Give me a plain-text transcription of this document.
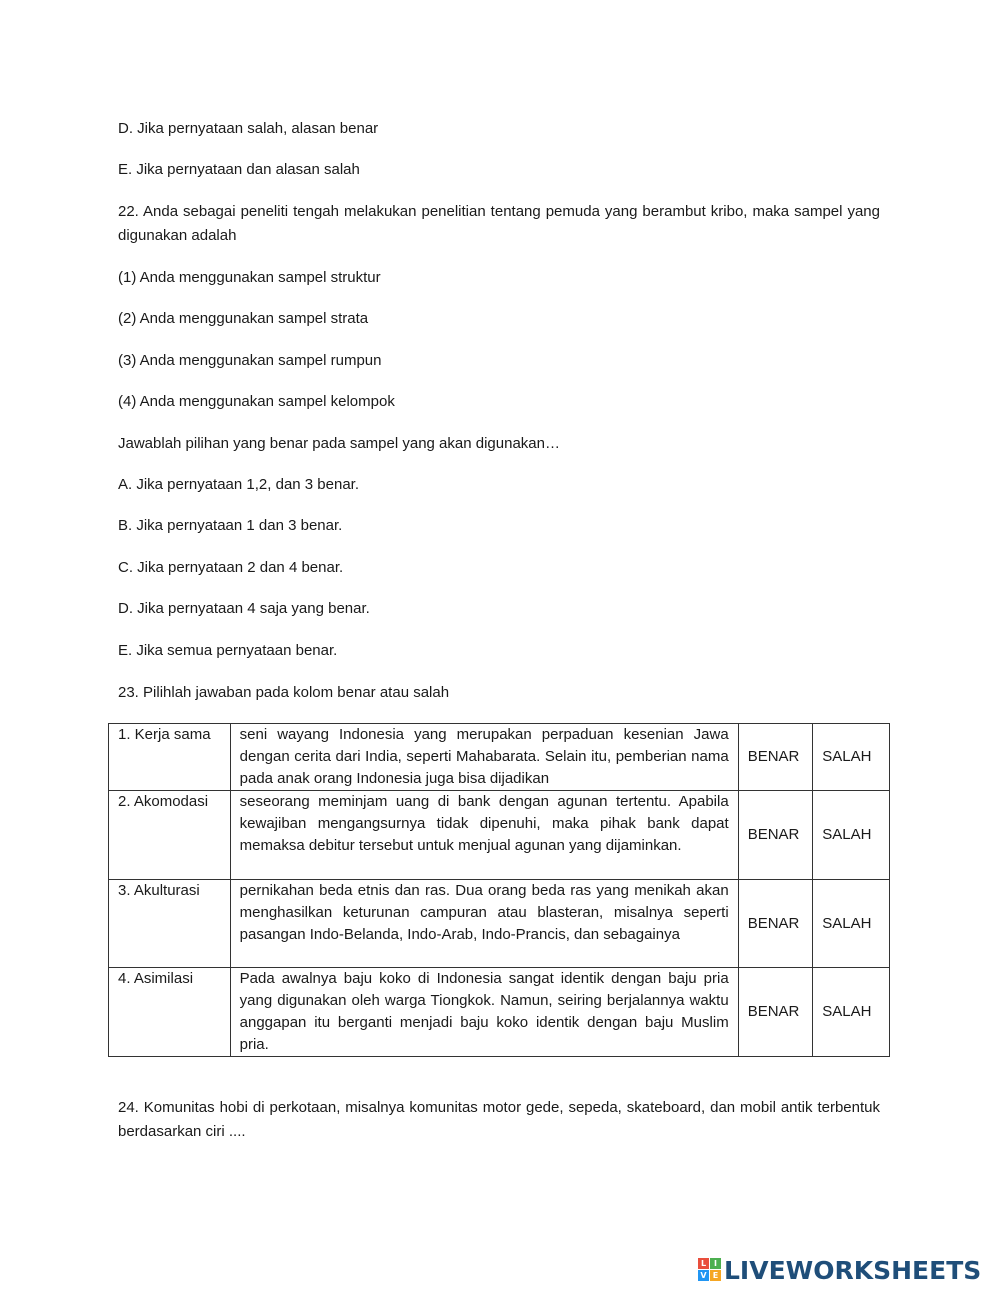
D. Jika pernyataan salah, alasan benar

E. Jika pernyataan dan alasan salah

22. Anda sebagai peneliti tengah melakukan penelitian tentang pemuda yang berambut kribo, maka sampel yang digunakan adalah

(1) Anda menggunakan sampel struktur

(2) Anda menggunakan sampel strata

(3) Anda menggunakan sampel rumpun

(4) Anda menggunakan sampel kelompok

Jawablah pilihan yang benar pada sampel yang akan digunakan…

A. Jika pernyataan 1,2, dan 3 benar.

B. Jika pernyataan 1 dan 3 benar.

C. Jika pernyataan 2 dan 4 benar.

D. Jika pernyataan 4 saja yang benar.

E. Jika semua pernyataan benar.

23. Pilihlah jawaban pada kolom benar atau salah

1. Kerja sama	seni wayang Indonesia yang merupakan perpaduan kesenian Jawa dengan cerita dari India, seperti Mahabarata. Selain itu, pemberian nama pada anak orang Indonesia juga bisa dijadikan	BENAR	SALAH
2. Akomodasi	seseorang meminjam uang di bank dengan agunan tertentu. Apabila kewajiban mengangsurnya tidak dipenuhi, maka pihak bank dapat memaksa debitur tersebut untuk menjual agunan yang dijaminkan.	BENAR	SALAH
3. Akulturasi	pernikahan beda etnis dan ras. Dua orang beda ras yang menikah akan menghasilkan keturunan campuran atau blasteran, misalnya seperti pasangan Indo-Belanda, Indo-Arab, Indo-Prancis, dan sebagainya	BENAR	SALAH
4. Asimilasi	Pada awalnya baju koko di Indonesia sangat identik dengan baju pria yang digunakan oleh warga Tiongkok. Namun, seiring berjalannya waktu anggapan itu berganti menjadi baju koko identik dengan baju Muslim pria.	BENAR	SALAH

24. Komunitas hobi di perkotaan, misalnya komunitas motor gede, sepeda, skateboard, dan mobil antik terbentuk berdasarkan ciri ....

L I
V E LIVEWORKSHEETS
